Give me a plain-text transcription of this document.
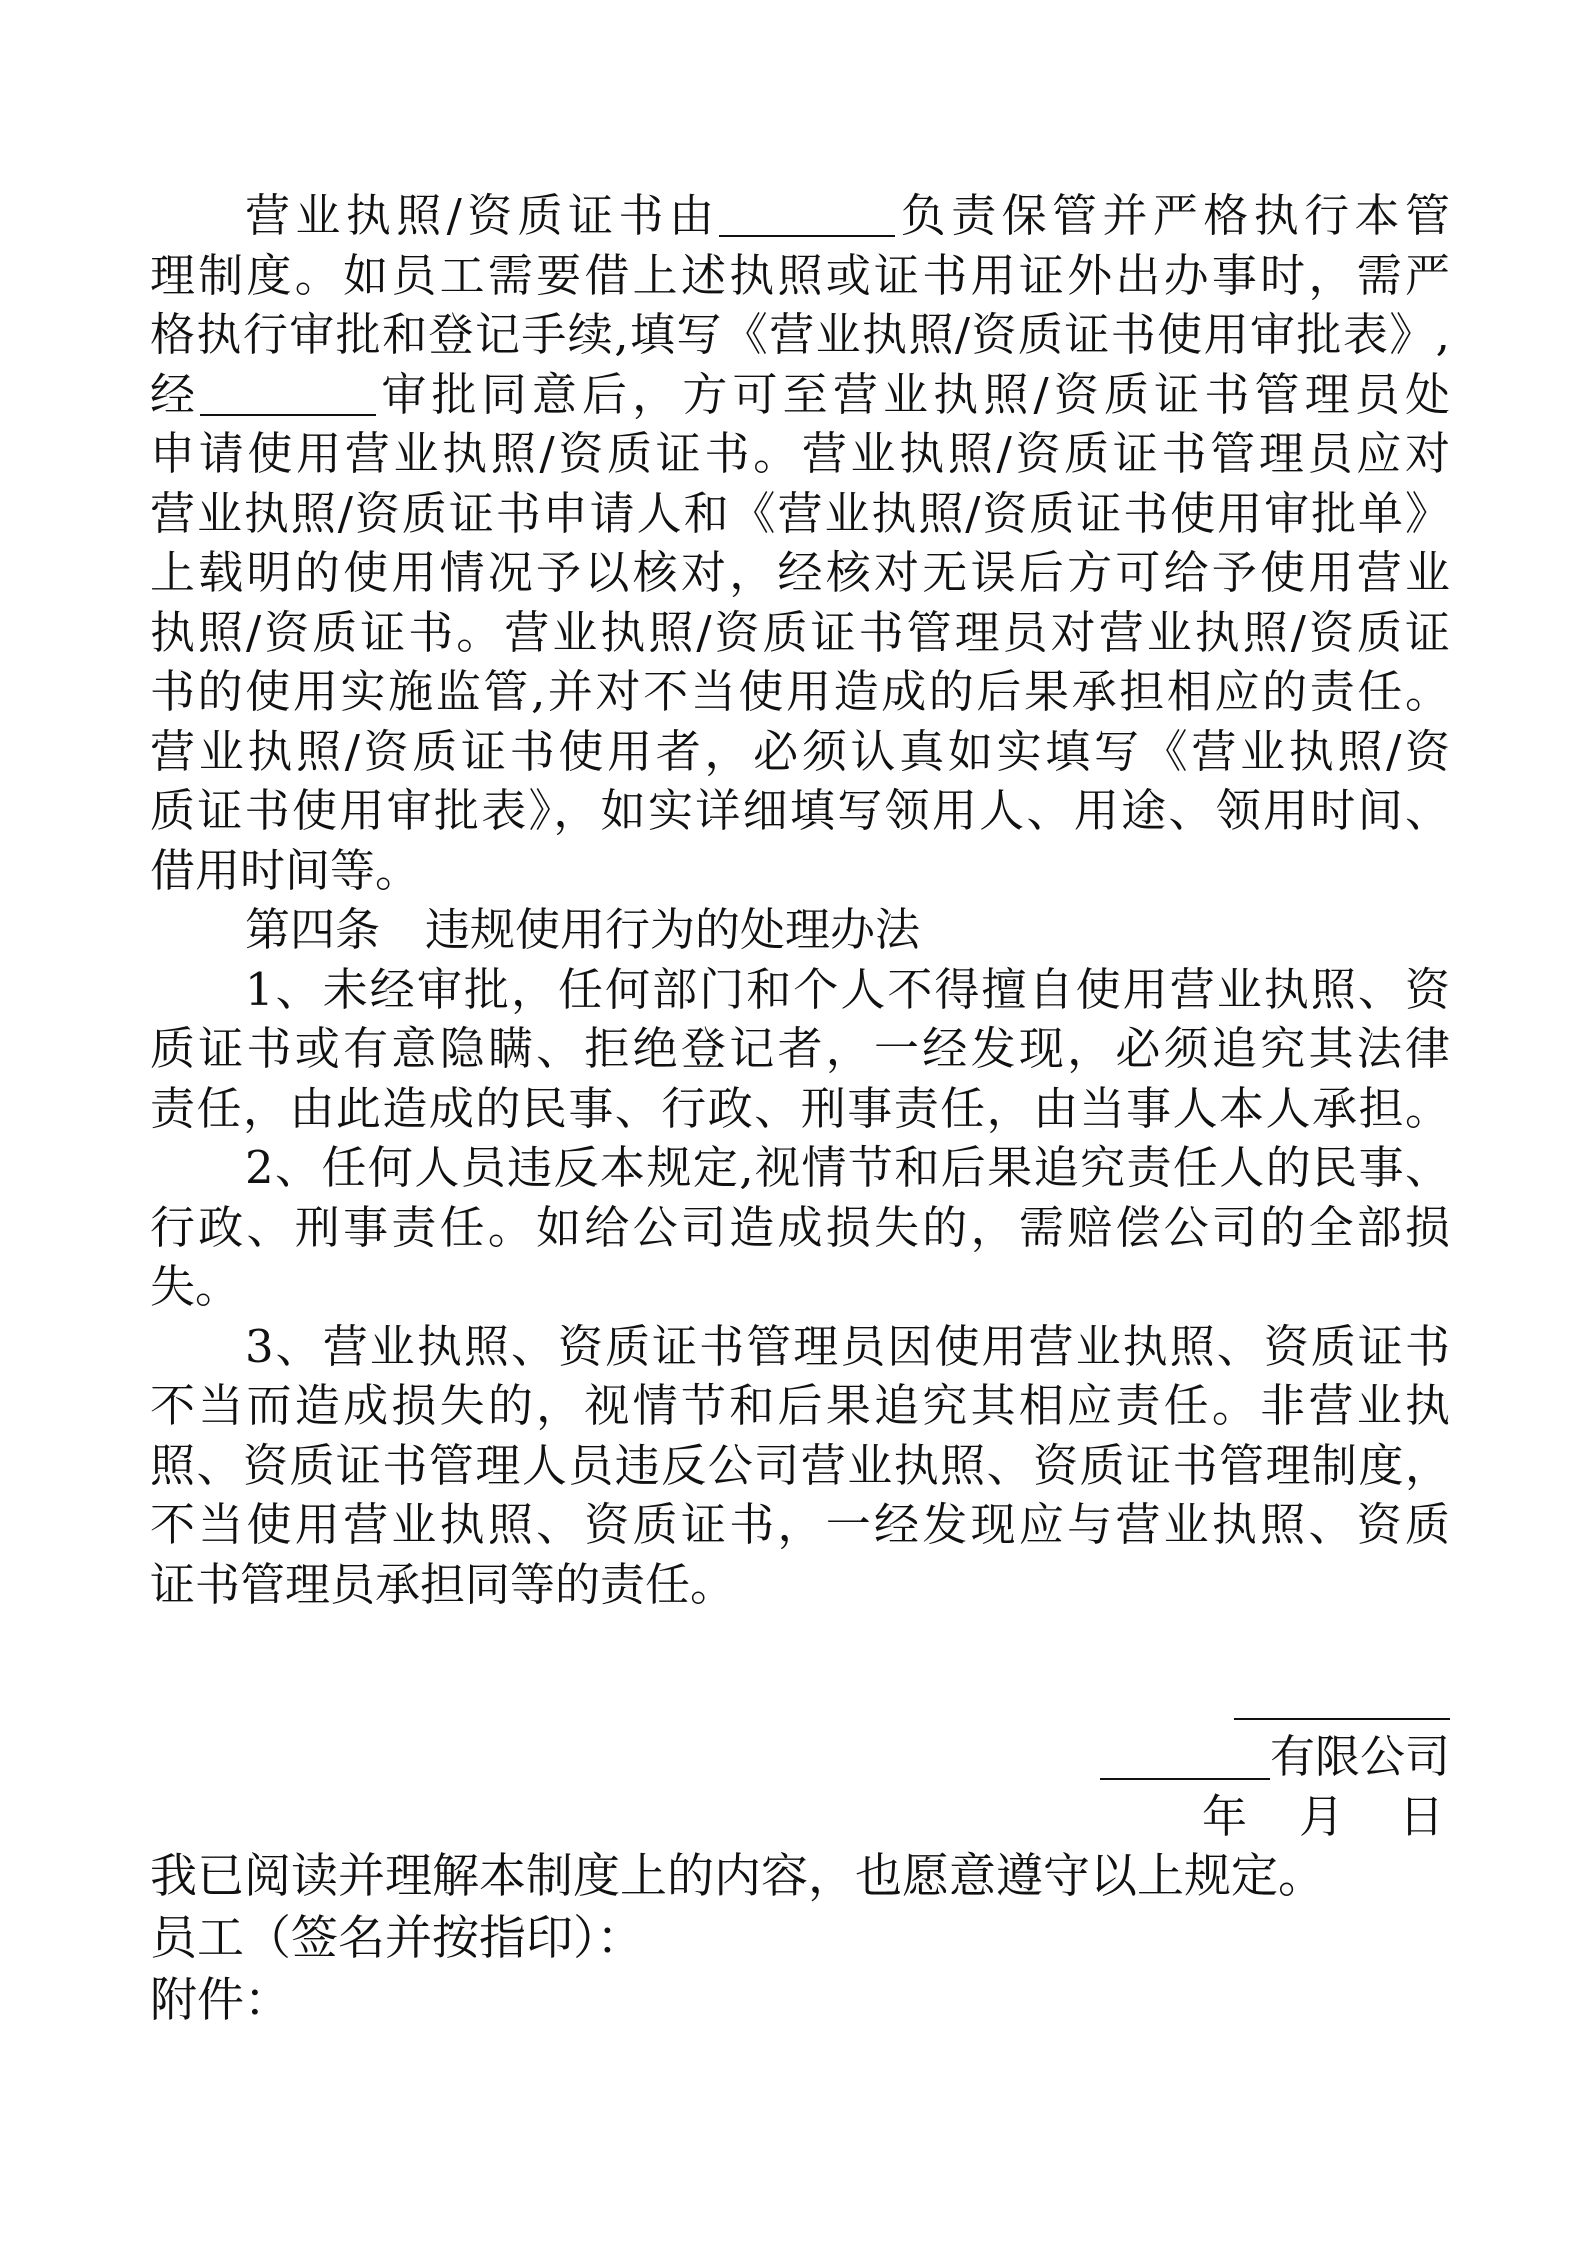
营业执照/资质证书由	负责保管并严格执行本管
理制度。如员工需要借上述执照或证书用证外出办事时，需严
格执行审批和登记手续,填写《营业执照/资质证书使用审批表》,
经	审批同意后，方可至营业执照/资质证书管理员处
申请使用营业执照/资质证书。营业执照/资质证书管理员应对
营业执照/资质证书申请人和《营业执照/资质证书使用审批单》
上载明的使用情况予以核对，经核对无误后方可给予使用营业
执照/资质证书。营业执照/资质证书管理员对营业执照/资质证
书的使用实施监管,并对不当使用造成的后果承担相应的责任。
营业执照/资质证书使用者，必须认真如实填写《营业执照/资
质证书使用审批表》，如实详细填写领用人、用途、领用时间、
借用时间等。
第四条　违规使用行为的处理办法
1、未经审批，任何部门和个人不得擅自使用营业执照、资
质证书或有意隐瞒、拒绝登记者，一经发现，必须追究其法律
责任，由此造成的民事、行政、刑事责任，由当事人本人承担。
2、任何人员违反本规定,视情节和后果追究责任人的民事、
行政、刑事责任。如给公司造成损失的，需赔偿公司的全部损
失。
3、营业执照、资质证书管理员因使用营业执照、资质证书
不当而造成损失的，视情节和后果追究其相应责任。非营业执
照、资质证书管理人员违反公司营业执照、资质证书管理制度，
不当使用营业执照、资质证书，一经发现应与营业执照、资质
证书管理员承担同等的责任。
有限公司
年 月 日
我已阅读并理解本制度上的内容，也愿意遵守以上规定。
员工（签名并按指印）：
附件：
